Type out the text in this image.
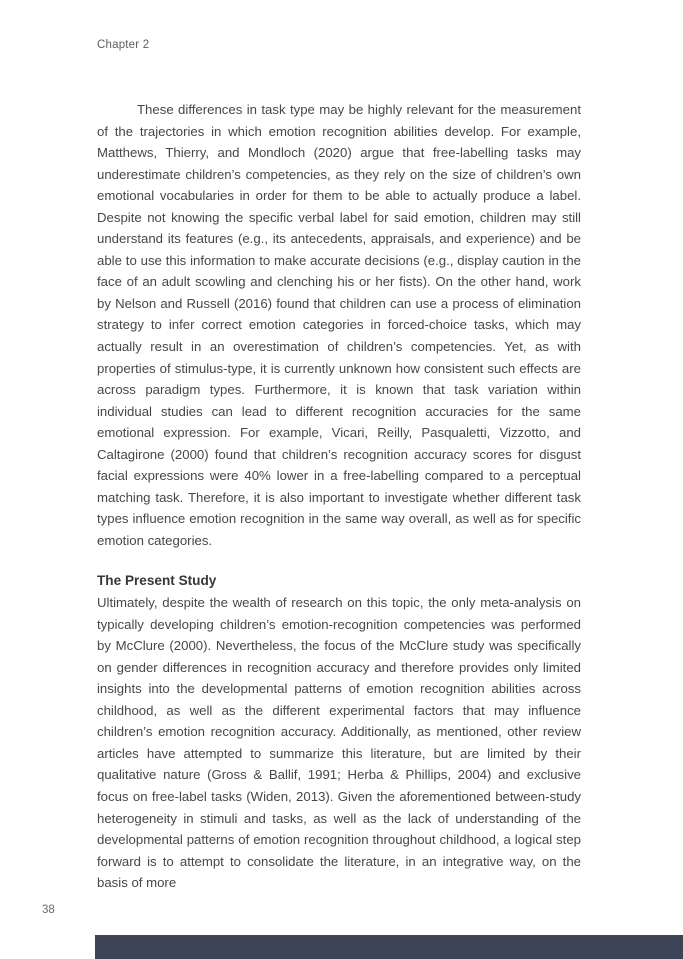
Chapter 2

These differences in task type may be highly relevant for the measurement of the trajectories in which emotion recognition abilities develop. For example, Matthews, Thierry, and Mondloch (2020) argue that free-labelling tasks may underestimate children’s competencies, as they rely on the size of children’s own emotional vocabularies in order for them to be able to actually produce a label. Despite not knowing the specific verbal label for said emotion, children may still understand its features (e.g., its antecedents, appraisals, and experience) and be able to use this information to make accurate decisions (e.g., display caution in the face of an adult scowling and clenching his or her fists). On the other hand, work by Nelson and Russell (2016) found that children can use a process of elimination strategy to infer correct emotion categories in forced-choice tasks, which may actually result in an overestimation of children’s competencies. Yet, as with properties of stimulus-type, it is currently unknown how consistent such effects are across paradigm types. Furthermore, it is known that task variation within individual studies can lead to different recognition accuracies for the same emotional expression. For example, Vicari, Reilly, Pasqualetti, Vizzotto, and Caltagirone (2000) found that children’s recognition accuracy scores for disgust facial expressions were 40% lower in a free-labelling compared to a perceptual matching task. Therefore, it is also important to investigate whether different task types influence emotion recognition in the same way overall, as well as for specific emotion categories.

The Present Study

Ultimately, despite the wealth of research on this topic, the only meta-analysis on typically developing children’s emotion-recognition competencies was performed by McClure (2000). Nevertheless, the focus of the McClure study was specifically on gender differences in recognition accuracy and therefore provides only limited insights into the developmental patterns of emotion recognition abilities across childhood, as well as the different experimental factors that may influence children’s emotion recognition accuracy. Additionally, as mentioned, other review articles have attempted to summarize this literature, but are limited by their qualitative nature (Gross & Ballif, 1991; Herba & Phillips, 2004) and exclusive focus on free-label tasks (Widen, 2013). Given the aforementioned between-study heterogeneity in stimuli and tasks, as well as the lack of understanding of the developmental patterns of emotion recognition throughout childhood, a logical step forward is to attempt to consolidate the literature, in an integrative way, on the basis of more

38
